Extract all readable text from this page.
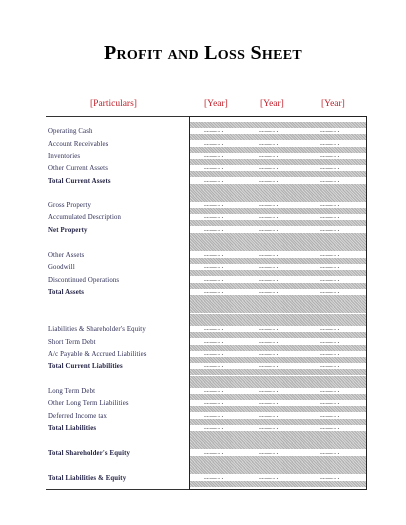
Profit and Loss Sheet
[Particulars]	[Year]	[Year]	[Year]
Operating Cash	…………..	…………..	…………..
Account Receivables	…………..	…………..	…………..
Inventories	…………..	…………..	…………..
Other Current Assets	…………..	…………..	…………..
Total Current Assets	…………..	…………..	…………..
Gross Property	…………..	…………..	…………..
Accumulated Description	…………..	…………..	…………..
Net Property	…………..	…………..	…………..
Other Assets	…………..	…………..	…………..
Goodwill	…………..	…………..	…………..
Discontinued Operations	…………..	…………..	…………..
Total Assets	…………..	…………..	…………..
Liabilities & Shareholder's Equity	…………..	…………..	…………..
Short Term Debt	…………..	…………..	…………..
A/c Payable & Accrued Liabilities	…………..	…………..	…………..
Total Current Liabilities	…………..	…………..	…………..
Long Term Debt	…………..	…………..	…………..
Other Long Term Liabilities	…………..	…………..	…………..
Deferred Income tax	…………..	…………..	…………..
Total Liabilities	…………..	…………..	…………..
Total Shareholder's Equity	…………..	…………..	…………..
Total Liabilities & Equity	…………..	…………..	…………..
